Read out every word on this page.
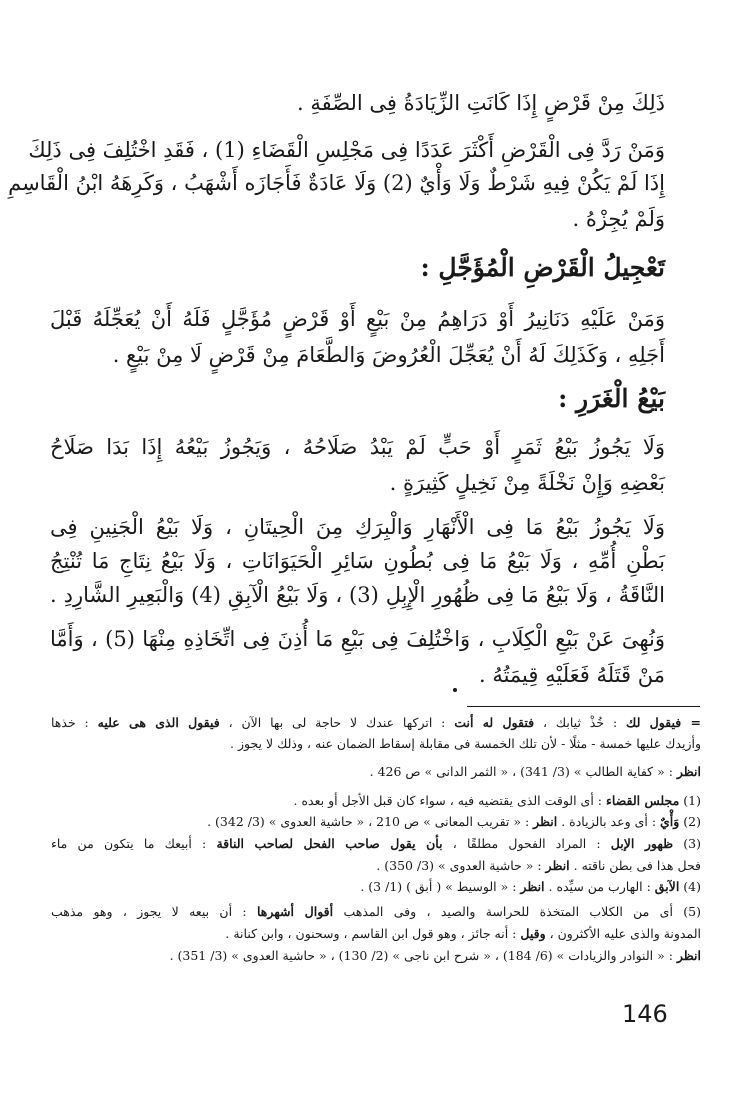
ذَلِكَ مِنْ قَرْضٍ إِذَا كَانَتِ الزِّيَادَةُ فِى الصِّفَةِ .
وَمَنْ رَدَّ فِى الْقَرْضِ أَكْثَرَ عَدَدًا فِى مَجْلِسِ الْقَضَاءِ (1) ، فَقَدِ اخْتُلِفَ فِى ذَلِكَ
إِذَا لَمْ يَكُنْ فِيهِ شَرْطٌ وَلَا وَأْيٌ (2) وَلَا عَادَةٌ فَأَجَازَه أَشْهَبُ ، وَكَرِهَهُ ابْنُ الْقَاسِمِ
وَلَمْ يُجِزْهُ .
تَعْجِيلُ الْقَرْضِ الْمُؤَجَّلِ :
وَمَنْ عَلَيْهِ دَنَانِيرُ أَوْ دَرَاهِمُ مِنْ بَيْعٍ أَوْ قَرْضٍ مُؤَجَّلٍ فَلَهُ أَنْ يُعَجِّلَهُ قَبْلَ
أَجَلِهِ ، وَكَذَلِكَ لَهُ أَنْ يُعَجِّلَ الْعُرُوضَ وَالطَّعَامَ مِنْ قَرْضٍ لَا مِنْ بَيْعٍ .
بَيْعُ الْغَرَرِ :
وَلَا يَجُوزُ بَيْعُ ثَمَرٍ أَوْ حَبٍّ لَمْ يَبْدُ صَلَاحُهُ ، وَيَجُوزُ بَيْعُهُ إِذَا بَدَا صَلَاحُ
بَعْضِهِ وَإِنْ نَخْلَةً مِنْ نَخِيلٍ كَثِيرَةٍ .
وَلَا يَجُوزُ بَيْعُ مَا فِى الْأَنْهَارِ وَالْبِرَكِ مِنَ الْحِيتَانِ ، وَلَا بَيْعُ الْجَنِينِ فِى
بَطْنِ أُمِّهِ ، وَلَا بَيْعُ مَا فِى بُطُونِ سَائِرِ الْحَيَوَانَاتِ ، وَلَا بَيْعُ نِتَاجِ مَا تُنْتِجُ
النَّاقَةُ ، وَلَا بَيْعُ مَا فِى ظُهُورِ الْإِبِلِ (3) ، وَلَا بَيْعُ الْآبِقِ (4) وَالْبَعِيرِ الشَّارِدِ .
وَنُهِىَ عَنْ بَيْعِ الْكِلَابِ ، وَاخْتُلِفَ فِى بَيْعِ مَا أُذِنَ فِى اتِّخَاذِهِ مِنْهَا (5) ، وَأَمَّا
مَنْ قَتَلَهُ فَعَلَيْهِ قِيمَتُهُ .
= فيقول لك : خُذْ ثيابك ، فتقول له أنت : اتركها عندك لا حاجة لى بها الآن ، فيقول الذى هى عليه : خذها
وأزيدك عليها خمسة - مثلًا - لأن تلك الخمسة فى مقابلة إسقاط الضمان عنه ، وذلك لا يجوز .
انظر : « كفاية الطالب » (3/ 341) ، « الثمر الدانى » ص 426 .
(1) مجلس القضاء : أى الوقت الذى يقتضيه فيه ، سواء كان قبل الأجل أو بعده .
(2) وَأْيٌ : أى وعد بالزيادة . انظر : « تقريب المعانى » ص 210 ، « حاشية العدوى » (3/ 342) .
(3) ظهور الإبل : المراد الفحول مطلقًا ، بأن يقول صاحب الفحل لصاحب الناقة : أبيعك ما يتكون من ماء
فحل هذا فى بطن ناقته . انظر : « حاشية العدوى » (3/ 350) .
(4) الآبق : الهارب من سيِّده . انظر : « الوسيط » ( أبق ) (1/ 3) .
(5) أى من الكلاب المتخذة للحراسة والصيد ، وفى المذهب أقوال أشهرها : أن بيعه لا يجوز ، وهو مذهب
المدونة والذى عليه الأكثرون ، وقيل : أنه جائز ، وهو قول ابن القاسم ، وسحنون ، وابن كنانة .
انظر : « النوادر والزيادات » (6/ 184) ، « شرح ابن ناجى » (2/ 130) ، « حاشية العدوى » (3/ 351) .
146
